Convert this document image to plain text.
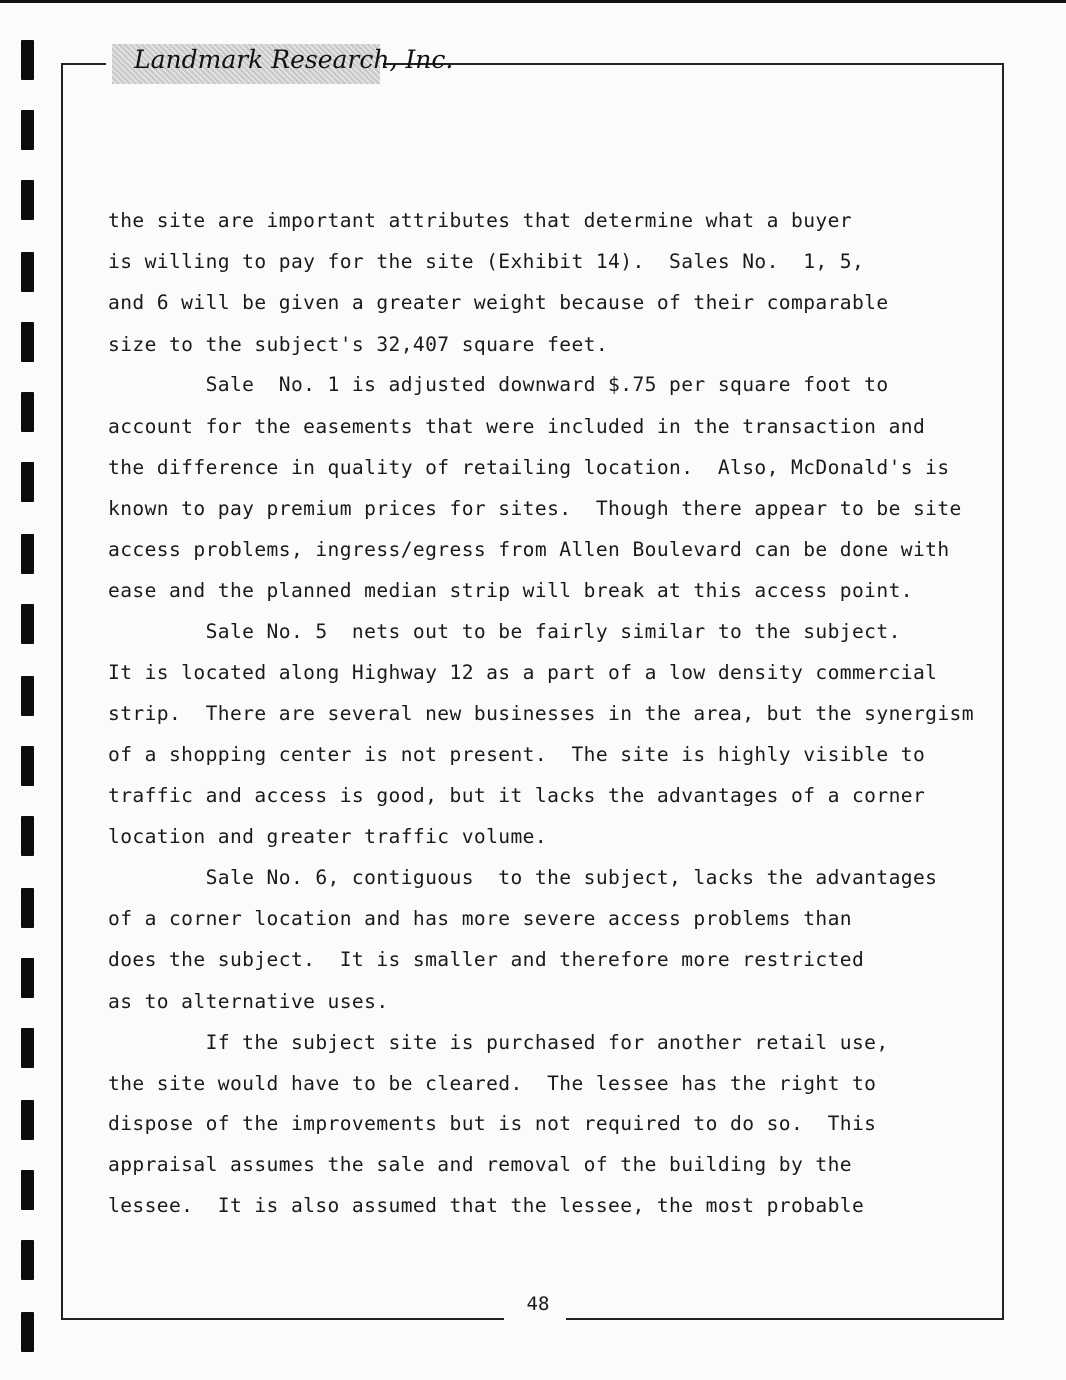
Landmark Research, Inc.

the site are important attributes that determine what a buyer

is willing to pay for the site (Exhibit 14).  Sales No.  1, 5,

and 6 will be given a greater weight because of their comparable

size to the subject's 32,407 square feet.

Sale  No. 1 is adjusted downward $.75 per square foot to

account for the easements that were included in the transaction and

the difference in quality of retailing location.  Also, McDonald's is

known to pay premium prices for sites.  Though there appear to be site

access problems, ingress/egress from Allen Boulevard can be done with

ease and the planned median strip will break at this access point.

Sale No. 5  nets out to be fairly similar to the subject.

It is located along Highway 12 as a part of a low density commercial

strip.  There are several new businesses in the area, but the synergism

of a shopping center is not present.  The site is highly visible to

traffic and access is good, but it lacks the advantages of a corner

location and greater traffic volume.

Sale No. 6, contiguous  to the subject, lacks the advantages

of a corner location and has more severe access problems than

does the subject.  It is smaller and therefore more restricted

as to alternative uses.

If the subject site is purchased for another retail use,

the site would have to be cleared.  The lessee has the right to

dispose of the improvements but is not required to do so.  This

appraisal assumes the sale and removal of the building by the

lessee.  It is also assumed that the lessee, the most probable

48
